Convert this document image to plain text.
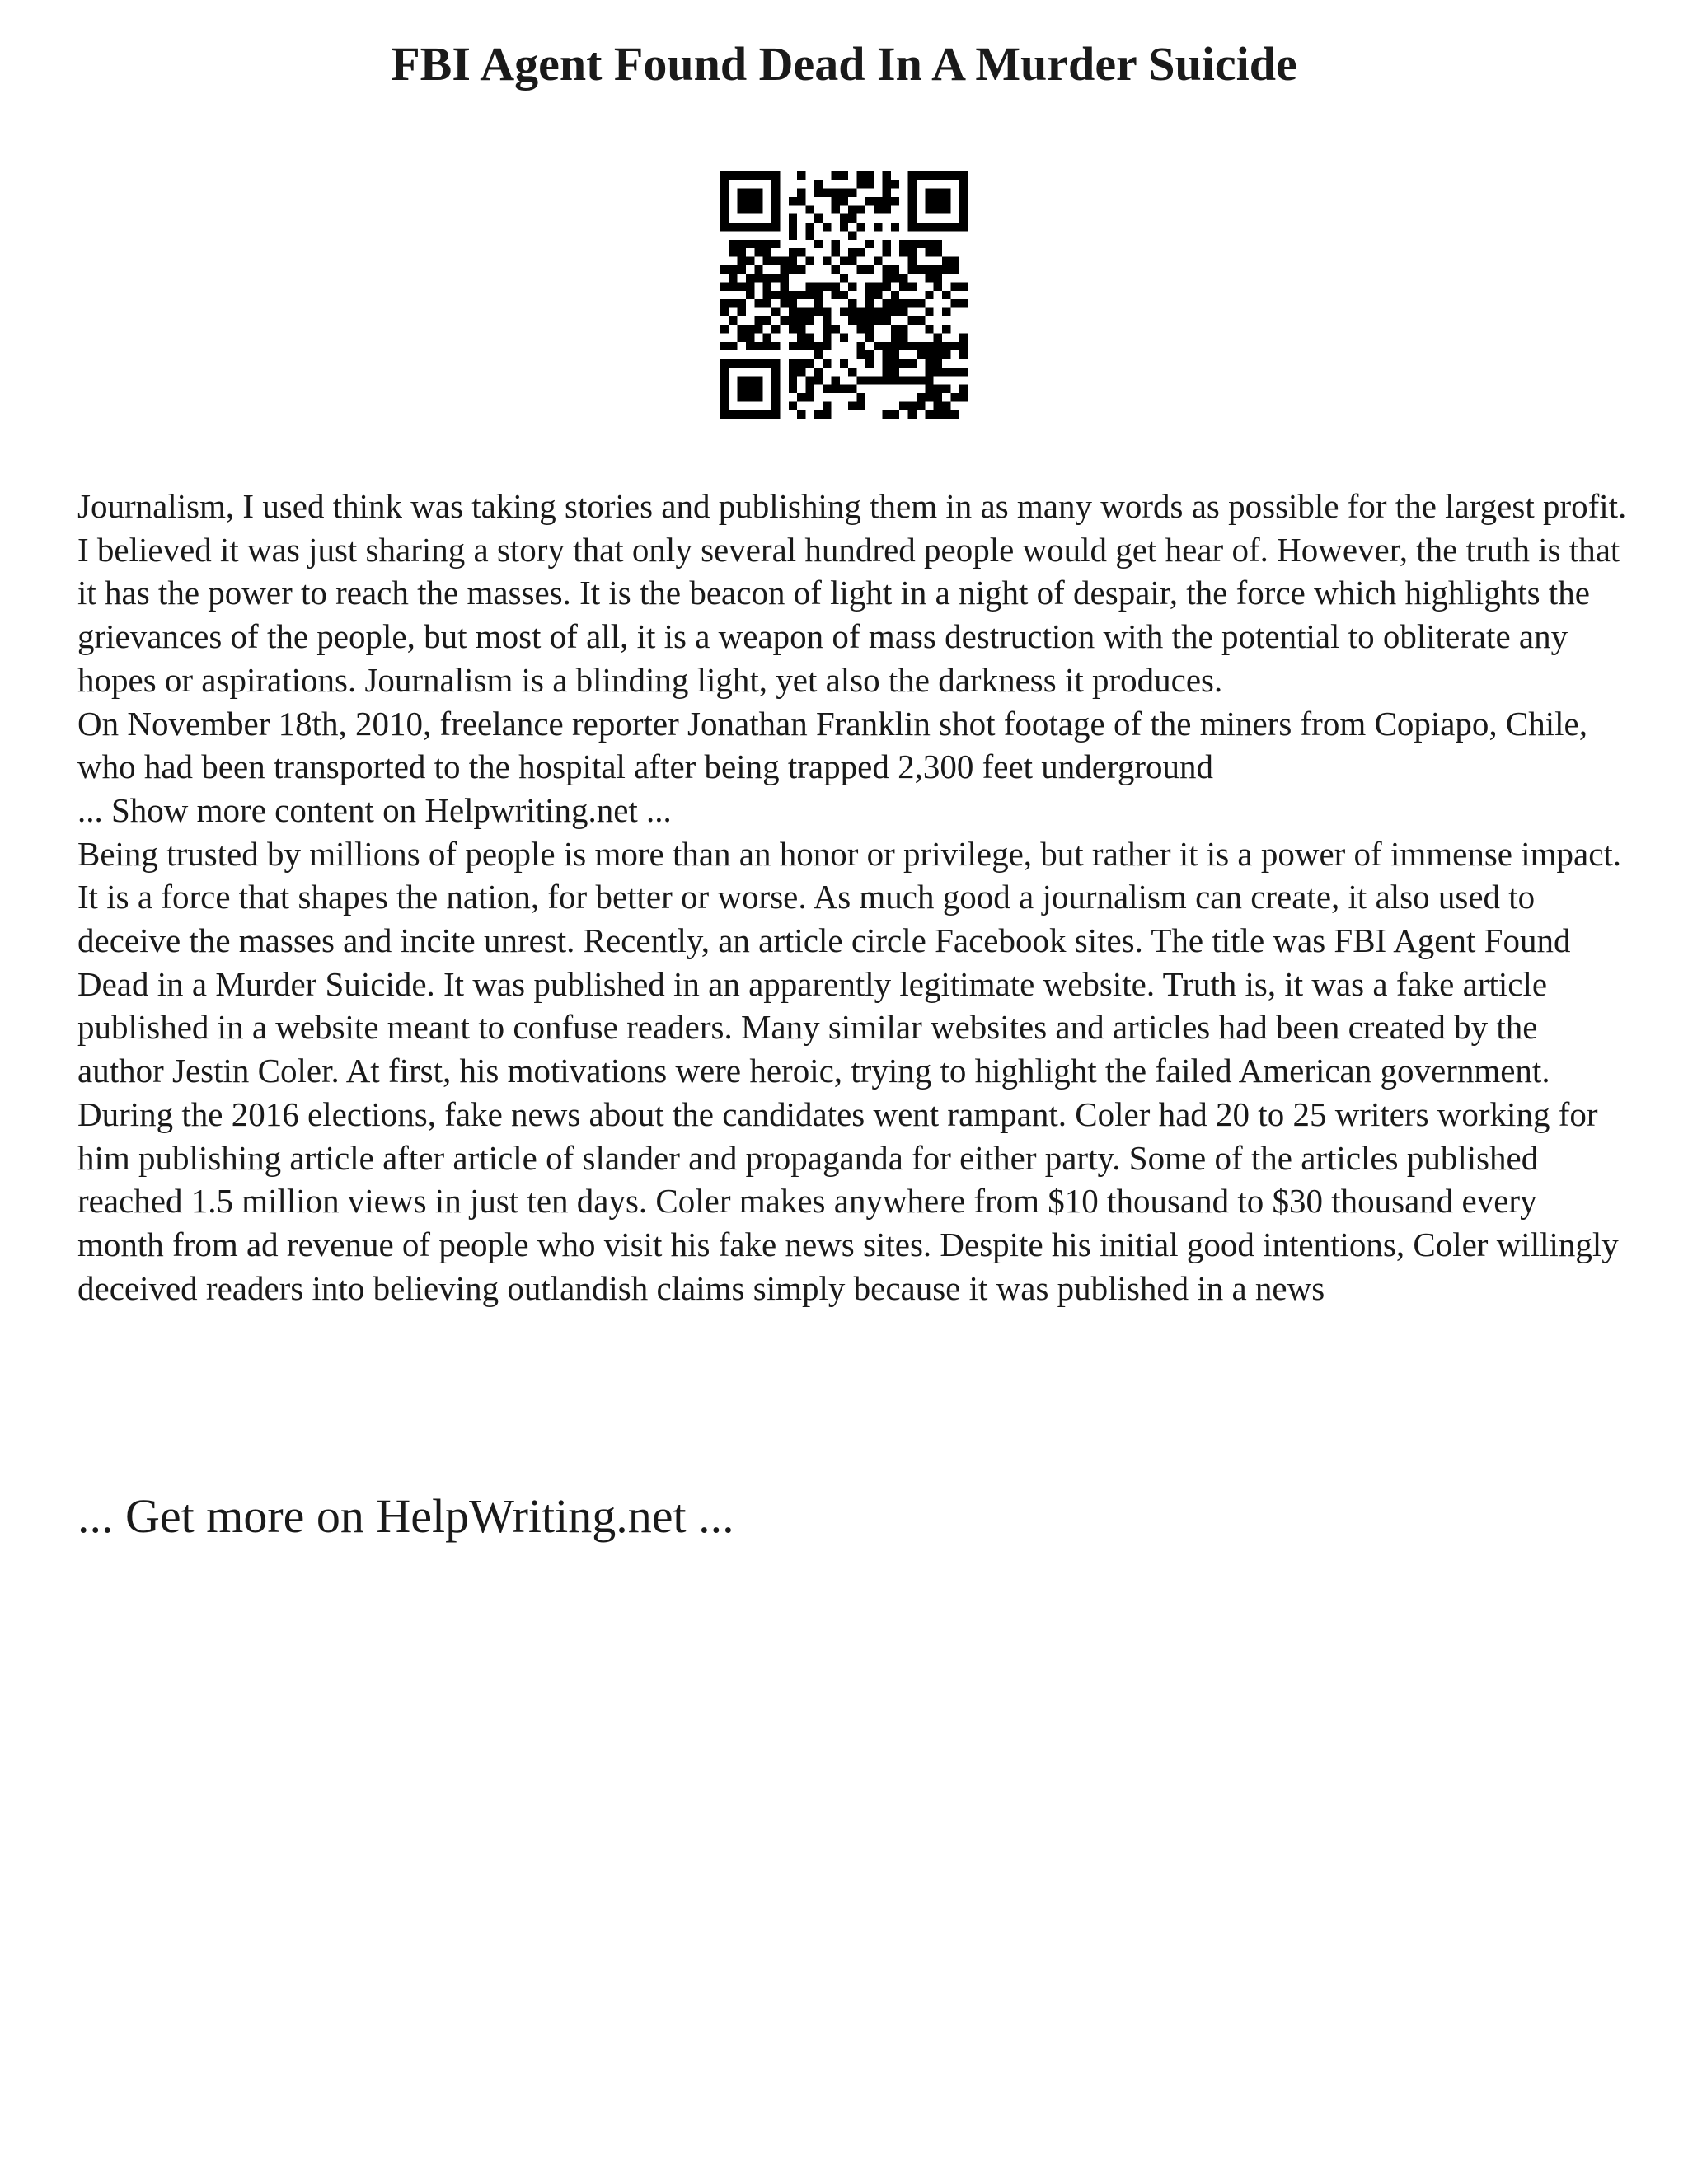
FBI Agent Found Dead In A Murder Suicide

Journalism, I used think was taking stories and publishing them in as many words as possible for the largest profit. I believed it was just sharing a story that only several hundred people would get hear of. However, the truth is that it has the power to reach the masses. It is the beacon of light in a night of despair, the force which highlights the grievances of the people, but most of all, it is a weapon of mass destruction with the potential to obliterate any hopes or aspirations. Journalism is a blinding light, yet also the darkness it produces.

On November 18th, 2010, freelance reporter Jonathan Franklin shot footage of the miners from Copiapo, Chile, who had been transported to the hospital after being trapped 2,300 feet underground

... Show more content on Helpwriting.net ...

Being trusted by millions of people is more than an honor or privilege, but rather it is a power of immense impact. It is a force that shapes the nation, for better or worse. As much good a journalism can create, it also used to deceive the masses and incite unrest. Recently, an article circle Facebook sites. The title was FBI Agent Found Dead in a Murder Suicide. It was published in an apparently legitimate website. Truth is, it was a fake article published in a website meant to confuse readers. Many similar websites and articles had been created by the author Jestin Coler. At first, his motivations were heroic, trying to highlight the failed American government. During the 2016 elections, fake news about the candidates went rampant. Coler had 20 to 25 writers working for him publishing article after article of slander and propaganda for either party. Some of the articles published reached 1.5 million views in just ten days. Coler makes anywhere from $10 thousand to $30 thousand every month from ad revenue of people who visit his fake news sites. Despite his initial good intentions, Coler willingly deceived readers into believing outlandish claims simply because it was published in a news

... Get more on HelpWriting.net ...
